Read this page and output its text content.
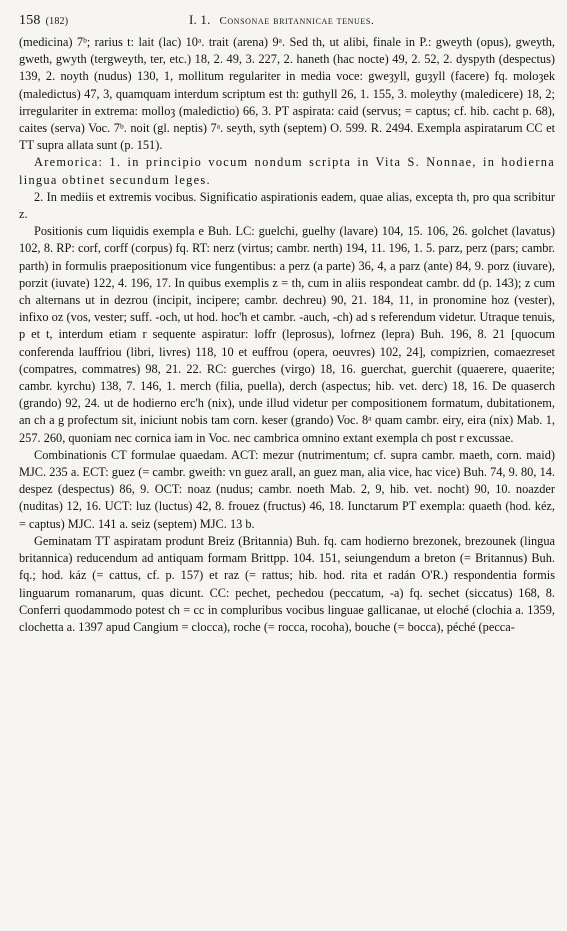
158 (182)	I. 1. Consonae britannicae tenues.

(medicina) 7ᵇ; rarius t: lait (lac) 10ᵃ. trait (arena) 9ᵃ. Sed th, ut alibi, finale in P.: gweyth (opus), gweyth, gweth, gwyth (tergweyth, ter, etc.) 18, 2. 49, 3. 227, 2. haneth (hac nocte) 49, 2. 52, 2. dyspyth (despectus) 139, 2. noyth (nudus) 130, 1, mollitum regulariter in media voce: gweȝyll, guȝyll (facere) fq. moloȝek (maledictus) 47, 3, quamquam interdum scriptum est th: guthyll 26, 1. 155, 3. moleythy (maledicere) 18, 2; irregulariter in extrema: molloȝ (maledictio) 66, 3. PT aspirata: caid (servus; = captus; cf. hib. cacht p. 68), caites (serva) Voc. 7ᵇ. noit (gl. neptis) 7ᵃ. seyth, syth (septem) O. 599. R. 2494. Exempla aspiratarum CC et TT supra allata sunt (p. 151).

Aremorica: 1. in principio vocum nondum scripta in Vita S. Nonnae, in hodierna lingua obtinet secundum leges.

2. In mediis et extremis vocibus. Significatio aspirationis eadem, quae alias, excepta th, pro qua scribitur z.

Positionis cum liquidis exempla e Buh. LC: guelchi, guelhy (lavare) 104, 15. 106, 26. golchet (lavatus) 102, 8. RP: corf, corff (corpus) fq. RT: nerz (virtus; cambr. nerth) 194, 11. 196, 1. 5. parz, perz (pars; cambr. parth) in formulis praepositionum vice fungentibus: a perz (a parte) 36, 4, a parz (ante) 84, 9. porz (iuvare), porzit (iuvate) 122, 4. 196, 17. In quibus exemplis z = th, cum in aliis respondeat cambr. dd (p. 143); z cum ch alternans ut in dezrou (incipit, incipere; cambr. dechreu) 90, 21. 184, 11, in pronomine hoz (vester), infixo oz (vos, vester; suff. -och, ut hod. hoc'h et cambr. -auch, -ch) ad s referendum videtur. Utraque tenuis, p et t, interdum etiam r sequente aspiratur: loffr (leprosus), lofrnez (lepra) Buh. 196, 8. 21 [quocum conferenda lauffriou (libri, livres) 118, 10 et euffrou (opera, oeuvres) 102, 24], compizrien, comaezreset (compatres, commatres) 98, 21. 22. RC: guerches (virgo) 18, 16. guerchat, guerchit (quaerere, quaerite; cambr. kyrchu) 138, 7. 146, 1. merch (filia, puella), derch (aspectus; hib. vet. derc) 18, 16. De quaserch (grando) 92, 24. ut de hodierno erc'h (nix), unde illud videtur per compositionem formatum, dubitationem, an ch a g profectum sit, iniciunt nobis tam corn. keser (grando) Voc. 8ᵃ quam cambr. eiry, eira (nix) Mab. 1, 257. 260, quoniam nec cornica iam in Voc. nec cambrica omnino extant exempla ch post r excussae.

Combinationis CT formulae quaedam. ACT: mezur (nutrimentum; cf. supra cambr. maeth, corn. maid) MJC. 235 a. ECT: guez (= cambr. gweith: vn guez arall, an guez man, alia vice, hac vice) Buh. 74, 9. 80, 14. despez (despectus) 86, 9. OCT: noaz (nudus; cambr. noeth Mab. 2, 9, hib. vet. nocht) 90, 10. noazder (nuditas) 12, 16. UCT: luz (luctus) 42, 8. frouez (fructus) 46, 18. Iunctarum PT exempla: quaeth (hod. kéz, = captus) MJC. 141 a. seiz (septem) MJC. 13 b.

Geminatam TT aspiratam produnt Breiz (Britannia) Buh. fq. cam hodierno brezonek, brezounek (lingua britannica) reducendum ad antiquam formam Brittpp. 104. 151, seiungendum a breton (= Britannus) Buh. fq.; hod. káz (= cattus, cf. p. 157) et raz (= rattus; hib. hod. rita et radán O'R.) respondentia formis linguarum romanarum, quas dicunt. CC: pechet, pechedou (peccatum, -a) fq. sechet (siccatus) 168, 8. Conferri quodammodo potest ch = cc in compluribus vocibus linguae gallicanae, ut eloché (clochia a. 1359, clochetta a. 1397 apud Cangium = clocca), roche (= rocca, rocoha), bouche (= bocca), péché (pecca-
